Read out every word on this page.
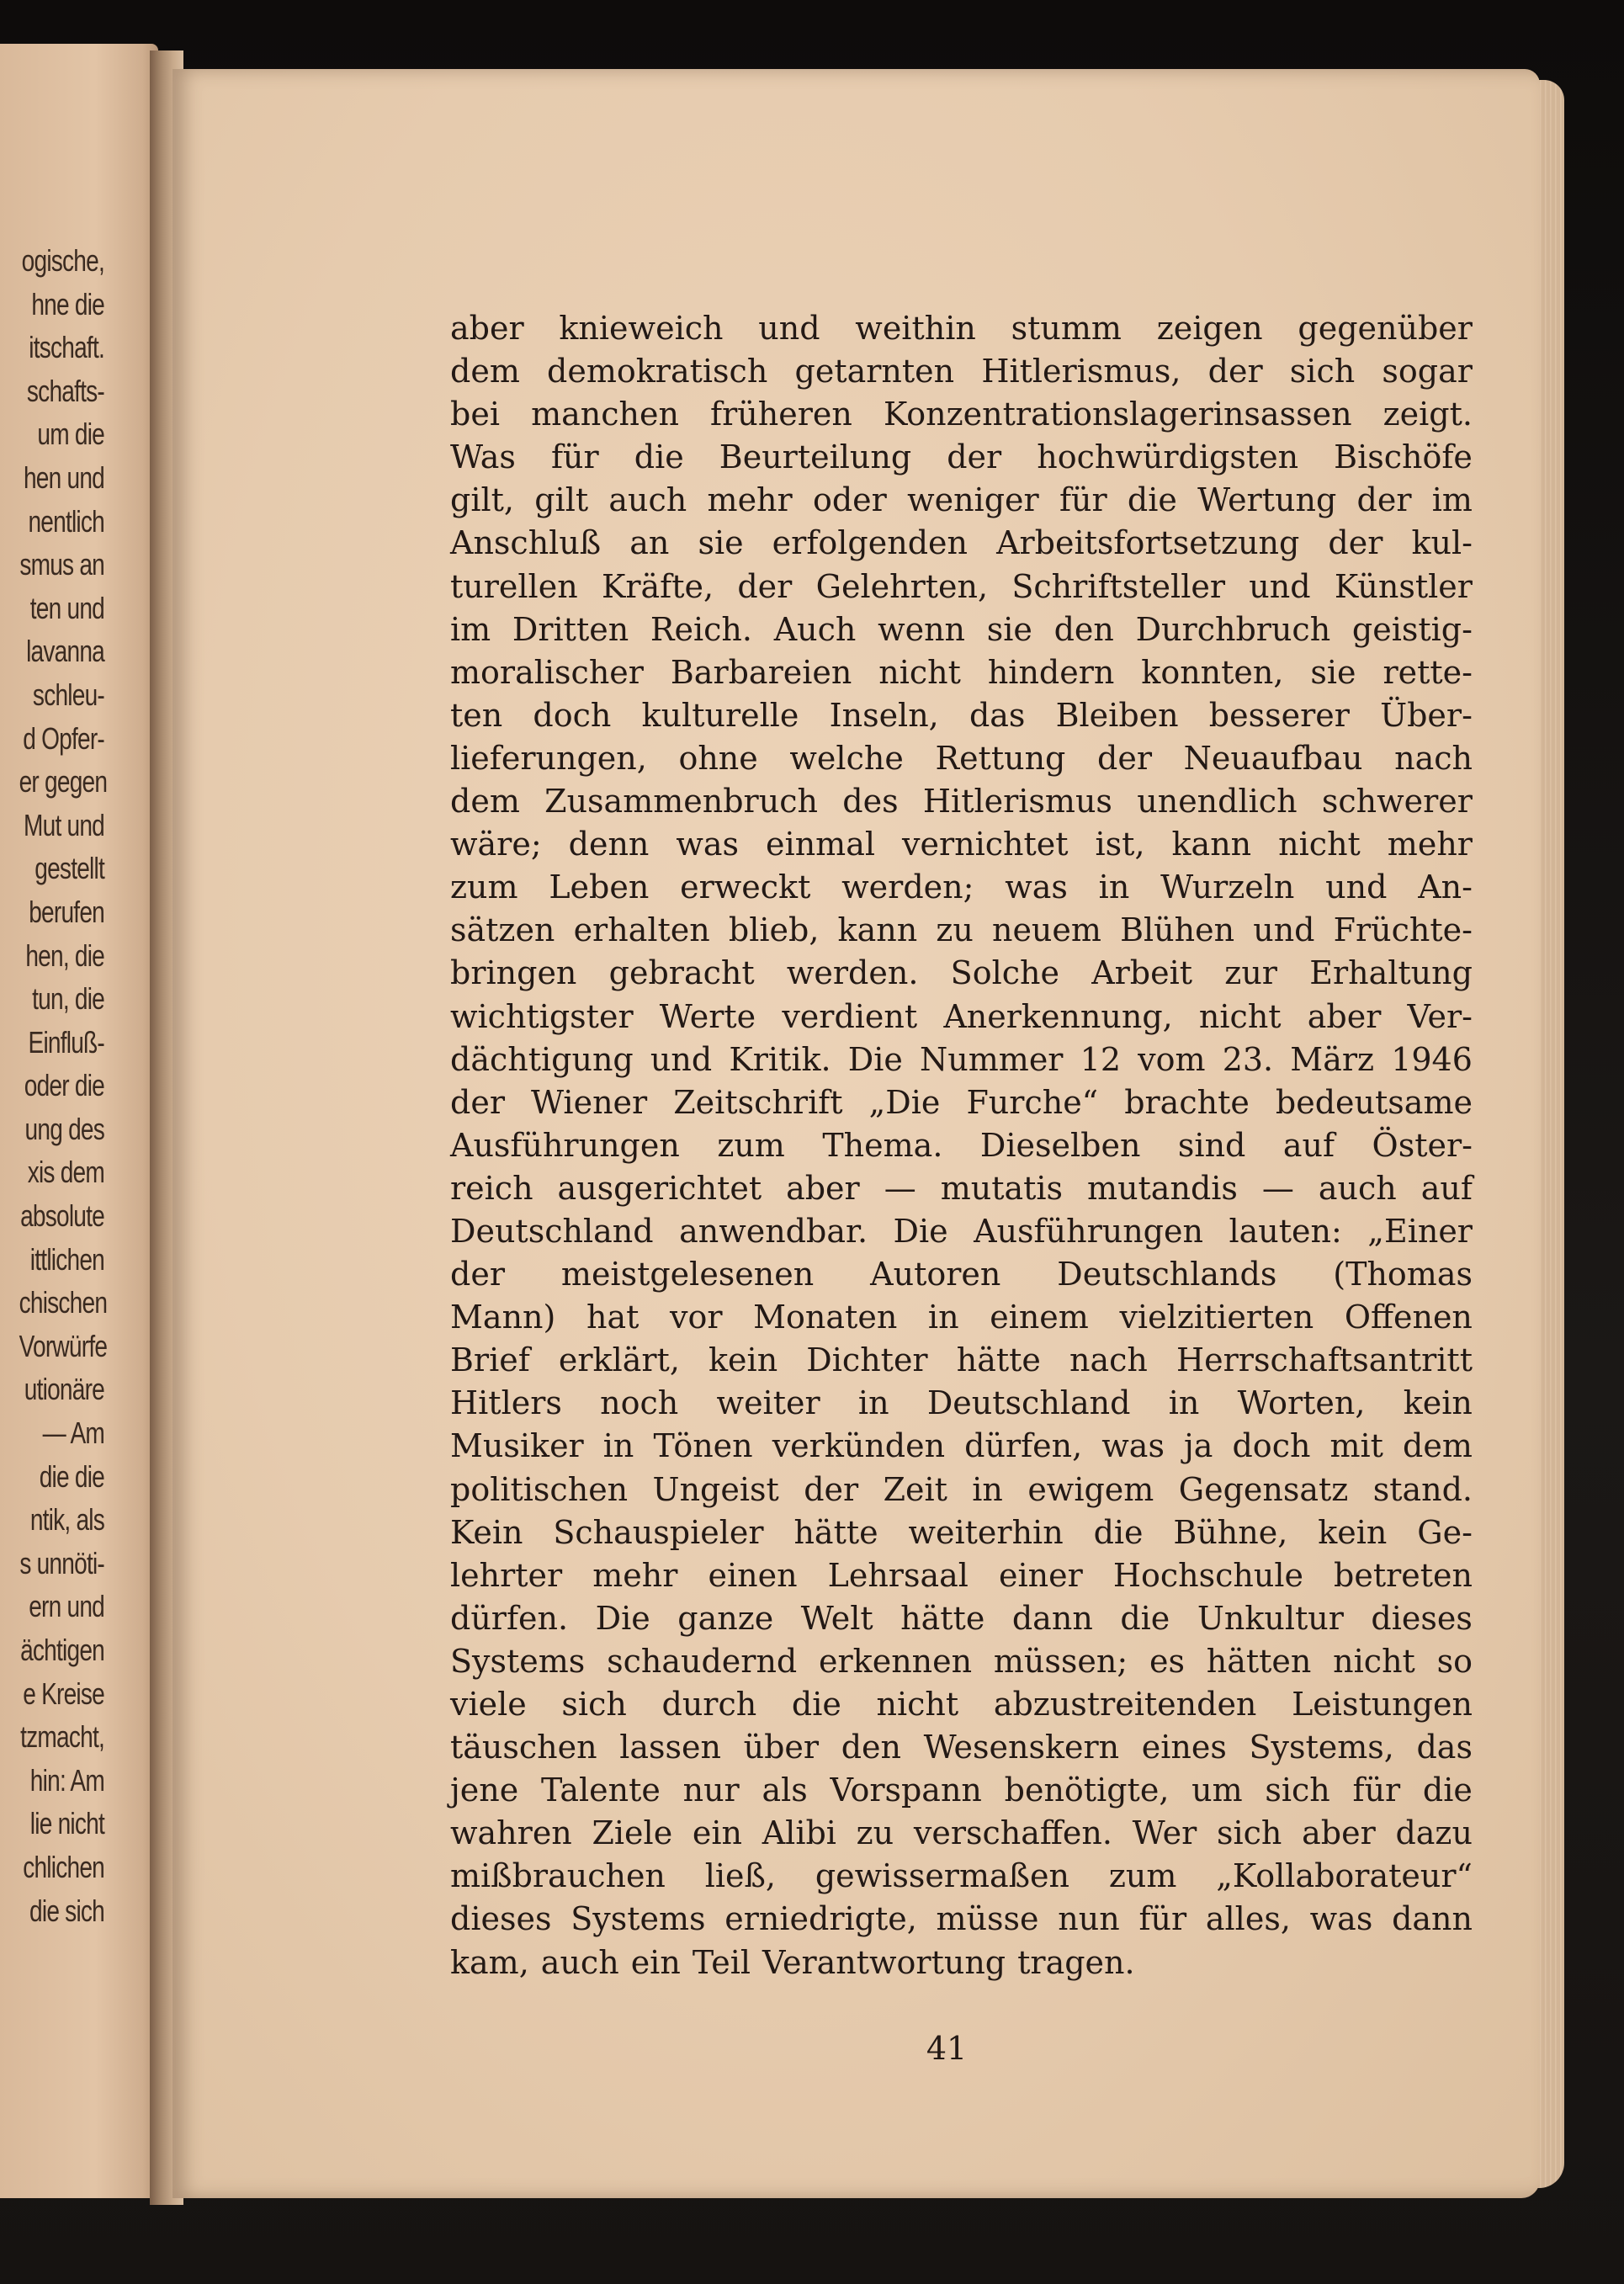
ogische,
hne die
itschaft.
schafts-
um die
hen und
nentlich
smus an
ten und
lavanna
schleu-
d Opfer-
er gegen
Mut und
gestellt
berufen
hen, die
tun, die
Einfluß-
oder die
ung des
xis dem
absolute
ittlichen
chischen
Vorwürfe
utionäre
— Am
die die
ntik, als
s unnöti-
ern und
ächtigen
e Kreise
tzmacht,
hin: Am
lie nicht
chlichen
die sich
aber knieweich und weithin stumm zeigen gegenüber
dem demokratisch getarnten Hitlerismus, der sich sogar
bei manchen früheren Konzentrationslagerinsassen zeigt.
Was für die Beurteilung der hochwürdigsten Bischöfe
gilt, gilt auch mehr oder weniger für die Wertung der im
Anschluß an sie erfolgenden Arbeitsfortsetzung der kul-
turellen Kräfte, der Gelehrten, Schriftsteller und Künstler
im Dritten Reich. Auch wenn sie den Durchbruch geistig-
moralischer Barbareien nicht hindern konnten, sie rette-
ten doch kulturelle Inseln, das Bleiben besserer Über-
lieferungen, ohne welche Rettung der Neuaufbau nach
dem Zusammenbruch des Hitlerismus unendlich schwerer
wäre; denn was einmal vernichtet ist, kann nicht mehr
zum Leben erweckt werden; was in Wurzeln und An-
sätzen erhalten blieb, kann zu neuem Blühen und Früchte-
bringen gebracht werden. Solche Arbeit zur Erhaltung
wichtigster Werte verdient Anerkennung, nicht aber Ver-
dächtigung und Kritik. Die Nummer 12 vom 23. März 1946
der Wiener Zeitschrift „Die Furche“ brachte bedeutsame
Ausführungen zum Thema. Dieselben sind auf Öster-
reich ausgerichtet aber — mutatis mutandis — auch auf
Deutschland anwendbar. Die Ausführungen lauten: „Einer
der meistgelesenen Autoren Deutschlands (Thomas
Mann) hat vor Monaten in einem vielzitierten Offenen
Brief erklärt, kein Dichter hätte nach Herrschaftsantritt
Hitlers noch weiter in Deutschland in Worten, kein
Musiker in Tönen verkünden dürfen, was ja doch mit dem
politischen Ungeist der Zeit in ewigem Gegensatz stand.
Kein Schauspieler hätte weiterhin die Bühne, kein Ge-
lehrter mehr einen Lehrsaal einer Hochschule betreten
dürfen. Die ganze Welt hätte dann die Unkultur dieses
Systems schaudernd erkennen müssen; es hätten nicht so
viele sich durch die nicht abzustreitenden Leistungen
täuschen lassen über den Wesenskern eines Systems, das
jene Talente nur als Vorspann benötigte, um sich für die
wahren Ziele ein Alibi zu verschaffen. Wer sich aber dazu
mißbrauchen ließ, gewissermaßen zum „Kollaborateur“
dieses Systems erniedrigte, müsse nun für alles, was dann
kam, auch ein Teil Verantwortung tragen.
41
